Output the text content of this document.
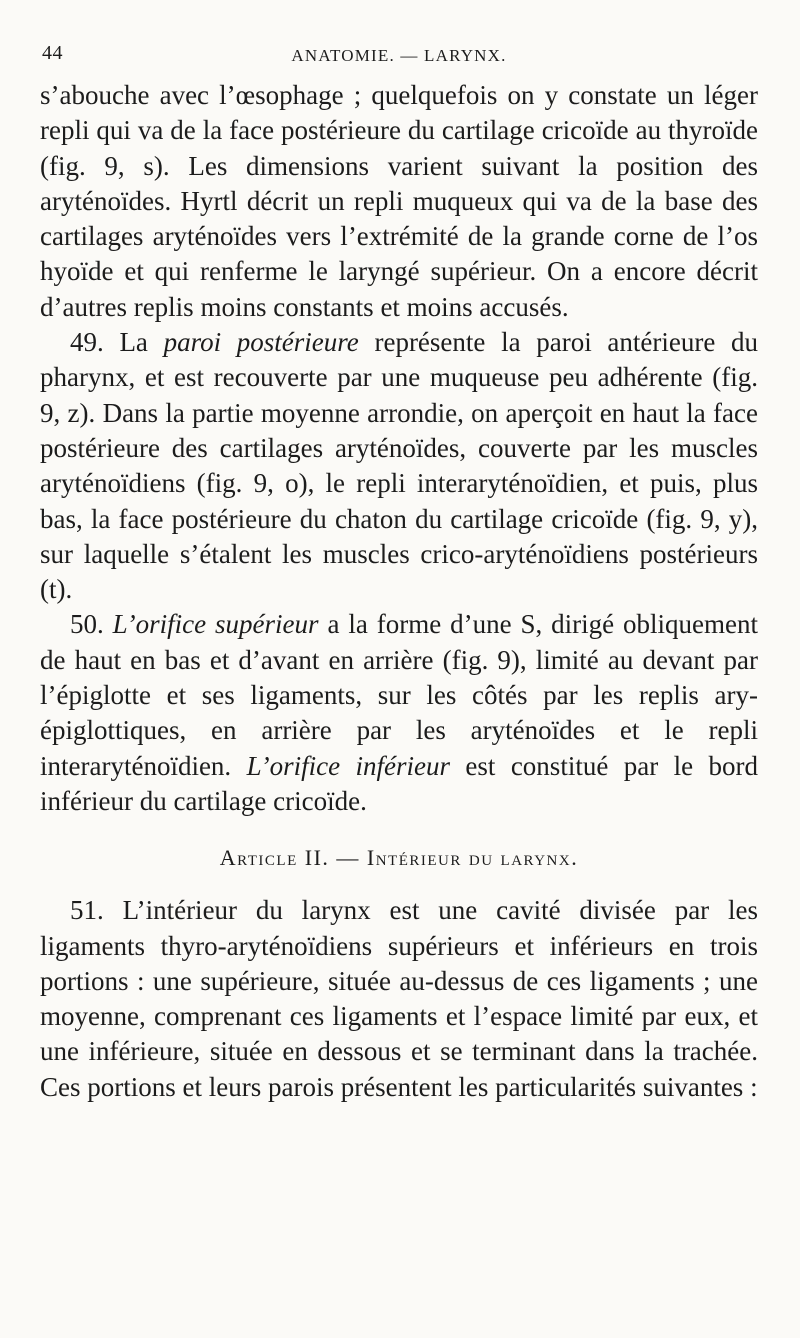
44	ANATOMIE. — LARYNX.

s’abouche avec l’œsophage ; quelquefois on y constate un léger repli qui va de la face postérieure du cartilage cricoïde au thyroïde (fig. 9, s). Les dimensions varient suivant la position des aryténoïdes. Hyrtl décrit un repli muqueux qui va de la base des cartilages aryténoïdes vers l’extrémité de la grande corne de l’os hyoïde et qui renferme le laryngé supérieur. On a encore décrit d’autres replis moins constants et moins accusés.

49. La paroi postérieure représente la paroi antérieure du pharynx, et est recouverte par une muqueuse peu adhérente (fig. 9, z). Dans la partie moyenne arrondie, on aperçoit en haut la face postérieure des cartilages aryténoïdes, couverte par les muscles aryténoïdiens (fig. 9, o), le repli interaryténoïdien, et puis, plus bas, la face postérieure du chaton du cartilage cricoïde (fig. 9, y), sur laquelle s’étalent les muscles crico-aryténoïdiens postérieurs (t).

50. L’orifice supérieur a la forme d’une S, dirigé obliquement de haut en bas et d’avant en arrière (fig. 9), limité au devant par l’épiglotte et ses ligaments, sur les côtés par les replis ary-épiglottiques, en arrière par les aryténoïdes et le repli interaryténoïdien. L’orifice inférieur est constitué par le bord inférieur du cartilage cricoïde.

Article II. — Intérieur du larynx.

51. L’intérieur du larynx est une cavité divisée par les ligaments thyro-aryténoïdiens supérieurs et inférieurs en trois portions : une supérieure, située au-dessus de ces ligaments ; une moyenne, comprenant ces ligaments et l’espace limité par eux, et une inférieure, située en dessous et se terminant dans la trachée. Ces portions et leurs parois présentent les particularités suivantes :
